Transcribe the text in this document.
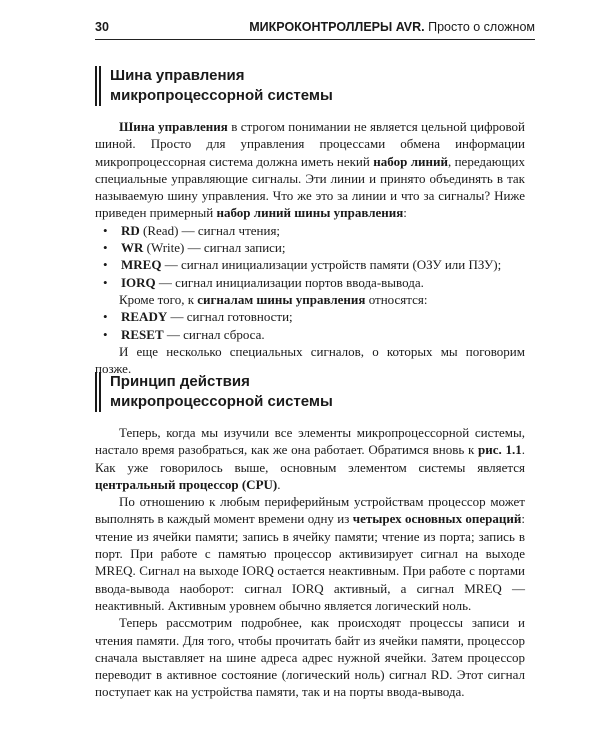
30	МИКРОКОНТРОЛЛЕРЫ AVR. Просто о сложном
Шина управления
микропроцессорной системы

Шина управления в строгом понимании не является цельной цифровой шиной. Просто для управления процессами обмена информации микропроцессорная система должна иметь некий набор линий, передающих специальные управляющие сигналы. Эти линии и принято объединять в так называемую шину управления. Что же это за линии и что за сигналы? Ниже приведен примерный набор линий шины управления:

• RD (Read) — сигнал чтения;
• WR (Write) — сигнал записи;
• MREQ — сигнал инициализации устройств памяти (ОЗУ или ПЗУ);
• IORQ — сигнал инициализации портов ввода-вывода.

Кроме того, к сигналам шины управления относятся:

• READY — сигнал готовности;
• RESET — сигнал сброса.

И еще несколько специальных сигналов, о которых мы поговорим позже.

Принцип действия
микропроцессорной системы

Теперь, когда мы изучили все элементы микропроцессорной системы, настало время разобраться, как же она работает. Обратимся вновь к рис. 1.1. Как уже говорилось выше, основным элементом системы является центральный процессор (CPU).

По отношению к любым периферийным устройствам процессор может выполнять в каждый момент времени одну из четырех основных операций: чтение из ячейки памяти; запись в ячейку памяти; чтение из порта; запись в порт. При работе с памятью процессор активизирует сигнал на выходе MREQ. Сигнал на выходе IORQ остается неактивным. При работе с портами ввода-вывода наоборот: сигнал IORQ активный, а сигнал MREQ — неактивный. Активным уровнем обычно является логический ноль.

Теперь рассмотрим подробнее, как происходят процессы записи и чтения памяти. Для того, чтобы прочитать байт из ячейки памяти, процессор сначала выставляет на шине адреса адрес нужной ячейки. Затем процессор переводит в активное состояние (логический ноль) сигнал RD. Этот сигнал поступает как на устройства памяти, так и на порты ввода-вывода.
